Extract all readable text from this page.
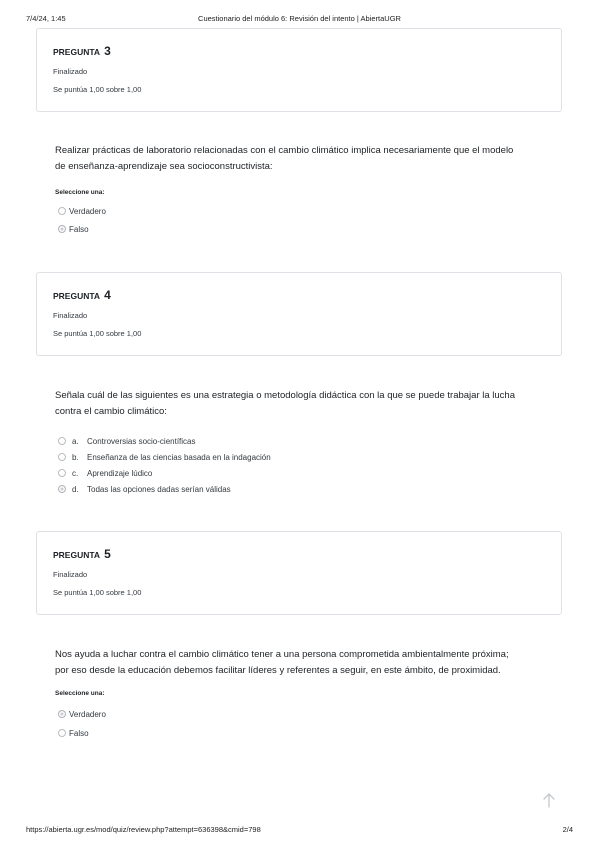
7/4/24, 1:45	Cuestionario del módulo 6: Revisión del intento | AbiertaUGR
PREGUNTA 3
Finalizado
Se puntúa 1,00 sobre 1,00
Realizar prácticas de laboratorio relacionadas con el cambio climático implica necesariamente que el modelo
de enseñanza-aprendizaje sea socioconstructivista:
Seleccione una:
Verdadero
Falso
PREGUNTA 4
Finalizado
Se puntúa 1,00 sobre 1,00
Señala cuál de las siguientes es una estrategia o metodología didáctica con la que se puede trabajar la lucha
contra el cambio climático:
a.	Controversias socio-científicas
b.	Enseñanza de las ciencias basada en la indagación
c.	Aprendizaje lúdico
d.	Todas las opciones dadas serían válidas
PREGUNTA 5
Finalizado
Se puntúa 1,00 sobre 1,00
Nos ayuda a luchar contra el cambio climático tener a una persona comprometida ambientalmente próxima;
por eso desde la educación debemos facilitar líderes y referentes a seguir, en este ámbito, de proximidad.
Seleccione una:
Verdadero
Falso
https://abierta.ugr.es/mod/quiz/review.php?attempt=636398&cmid=798	2/4
